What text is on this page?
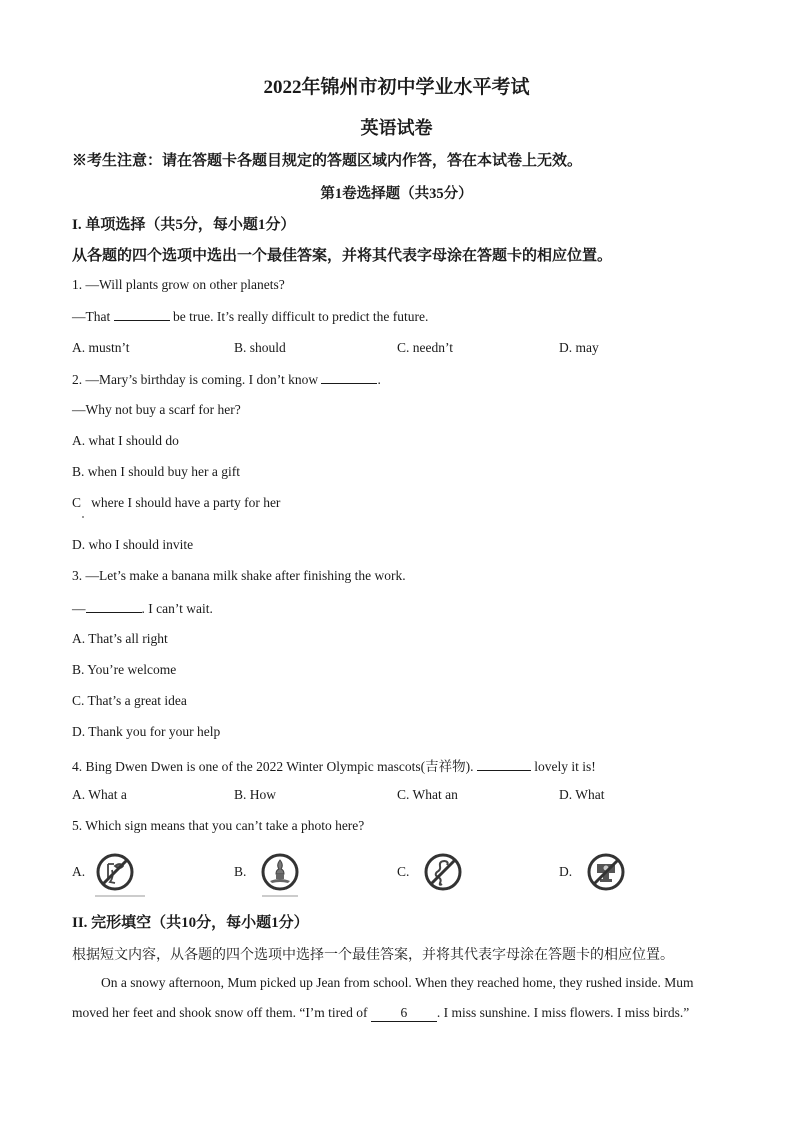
2022年锦州市初中学业水平考试
英语试卷
※考生注意：请在答题卡各题目规定的答题区域内作答，答在本试卷上无效。
第1卷选择题（共35分）
I. 单项选择（共5分，每小题1分）
从各题的四个选项中选出一个最佳答案，并将其代表字母涂在答题卡的相应位置。
1. —Will plants grow on other planets?
—That	be true. It’s really difficult to predict the future.
A. mustn’t	B. should	C. needn’t	D. may
2. —Mary’s birthday is coming. I don’t know	.
—Why not buy a scarf for her?
A. what I should do
B. when I should buy her a gift
C   where I should have a party for her
D. who I should invite
3. —Let’s make a banana milk shake after finishing the work.
—	. I can’t wait.
A. That’s all right
B. You’re welcome
C. That’s a great idea
D. Thank you for your help
4. Bing Dwen Dwen is one of the 2022 Winter Olympic mascots(吉祥物).	lovely it is!
A. What a	B. How	C. What an	D. What
5. Which sign means that you can’t take a photo here?
A.	B.	C.	D.
II. 完形填空（共10分，每小题1分）
根据短文内容，从各题的四个选项中选择一个最佳答案，并将其代表字母涂在答题卡的相应位置。
On a snowy afternoon, Mum picked up Jean from school. When they reached home, they rushed inside. Mum
moved her feet and shook snow off them. “I’m tired of 6 . I miss sunshine. I miss flowers. I miss birds.”
